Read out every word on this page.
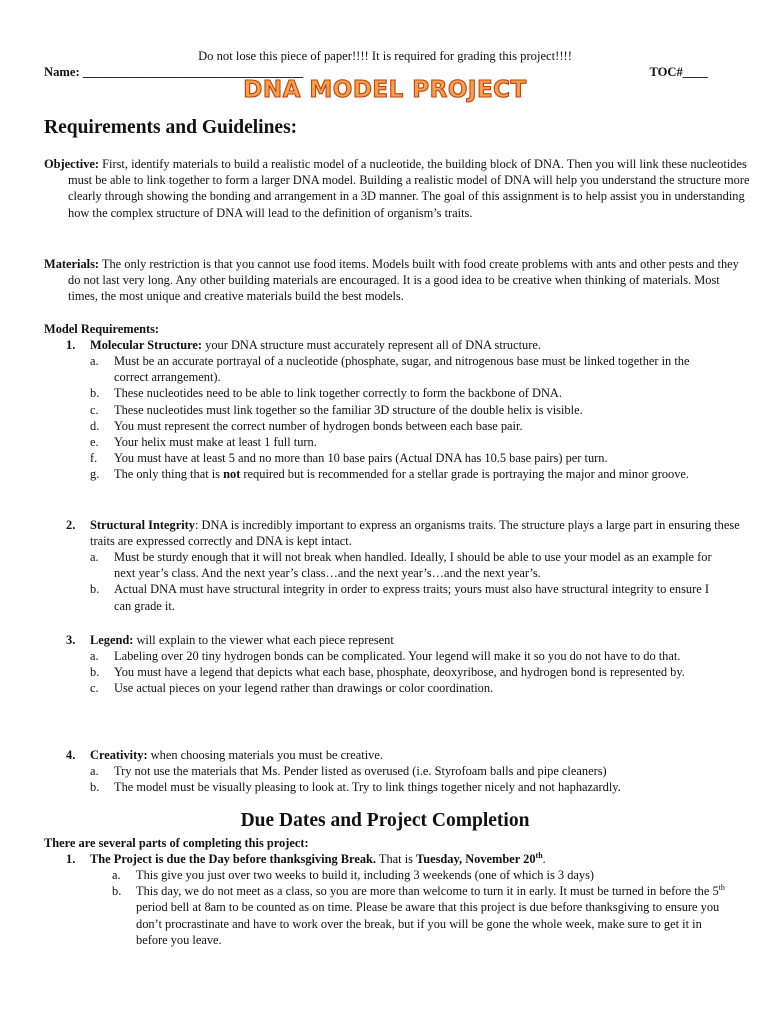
Do not lose this piece of paper!!!! It is required for grading this project!!!!
Name: ___________________________________	TOC#____
DNA MODEL PROJECT
Requirements and Guidelines:
Objective: First, identify materials to build a realistic model of a nucleotide, the building block of DNA. Then you will link these nucleotides must be able to link together to form a larger DNA model. Building a realistic model of DNA will help you understand the structure more clearly through showing the bonding and arrangement in a 3D manner. The goal of this assignment is to help assist you in understanding how the complex structure of DNA will lead to the definition of organism’s traits.
Materials: The only restriction is that you cannot use food items. Models built with food create problems with ants and other pests and they do not last very long. Any other building materials are encouraged. It is a good idea to be creative when thinking of materials. Most times, the most unique and creative materials build the best models.
Model Requirements:
1. Molecular Structure: your DNA structure must accurately represent all of DNA structure.
a. Must be an accurate portrayal of a nucleotide (phosphate, sugar, and nitrogenous base must be linked together in the correct arrangement).
b. These nucleotides need to be able to link together correctly to form the backbone of DNA.
c. These nucleotides must link together so the familiar 3D structure of the double helix is visible.
d. You must represent the correct number of hydrogen bonds between each base pair.
e. Your helix must make at least 1 full turn.
f. You must have at least 5 and no more than 10 base pairs (Actual DNA has 10.5 base pairs) per turn.
g. The only thing that is not required but is recommended for a stellar grade is portraying the major and minor groove.
2. Structural Integrity: DNA is incredibly important to express an organisms traits. The structure plays a large part in ensuring these traits are expressed correctly and DNA is kept intact.
a. Must be sturdy enough that it will not break when handled. Ideally, I should be able to use your model as an example for next year’s class. And the next year’s class…and the next year’s…and the next year’s.
b. Actual DNA must have structural integrity in order to express traits; yours must also have structural integrity to ensure I can grade it.
3. Legend: will explain to the viewer what each piece represent
a. Labeling over 20 tiny hydrogen bonds can be complicated. Your legend will make it so you do not have to do that.
b. You must have a legend that depicts what each base, phosphate, deoxyribose, and hydrogen bond is represented by.
c. Use actual pieces on your legend rather than drawings or color coordination.
4. Creativity: when choosing materials you must be creative.
a. Try not use the materials that Ms. Pender listed as overused (i.e. Styrofoam balls and pipe cleaners)
b. The model must be visually pleasing to look at. Try to link things together nicely and not haphazardly.
Due Dates and Project Completion
There are several parts of completing this project:
1. The Project is due the Day before thanksgiving Break. That is Tuesday, November 20th.
a. This give you just over two weeks to build it, including 3 weekends (one of which is 3 days)
b. This day, we do not meet as a class, so you are more than welcome to turn it in early. It must be turned in before the 5th period bell at 8am to be counted as on time. Please be aware that this project is due before thanksgiving to ensure you don’t procrastinate and have to work over the break, but if you will be gone the whole week, make sure to get it in before you leave.
